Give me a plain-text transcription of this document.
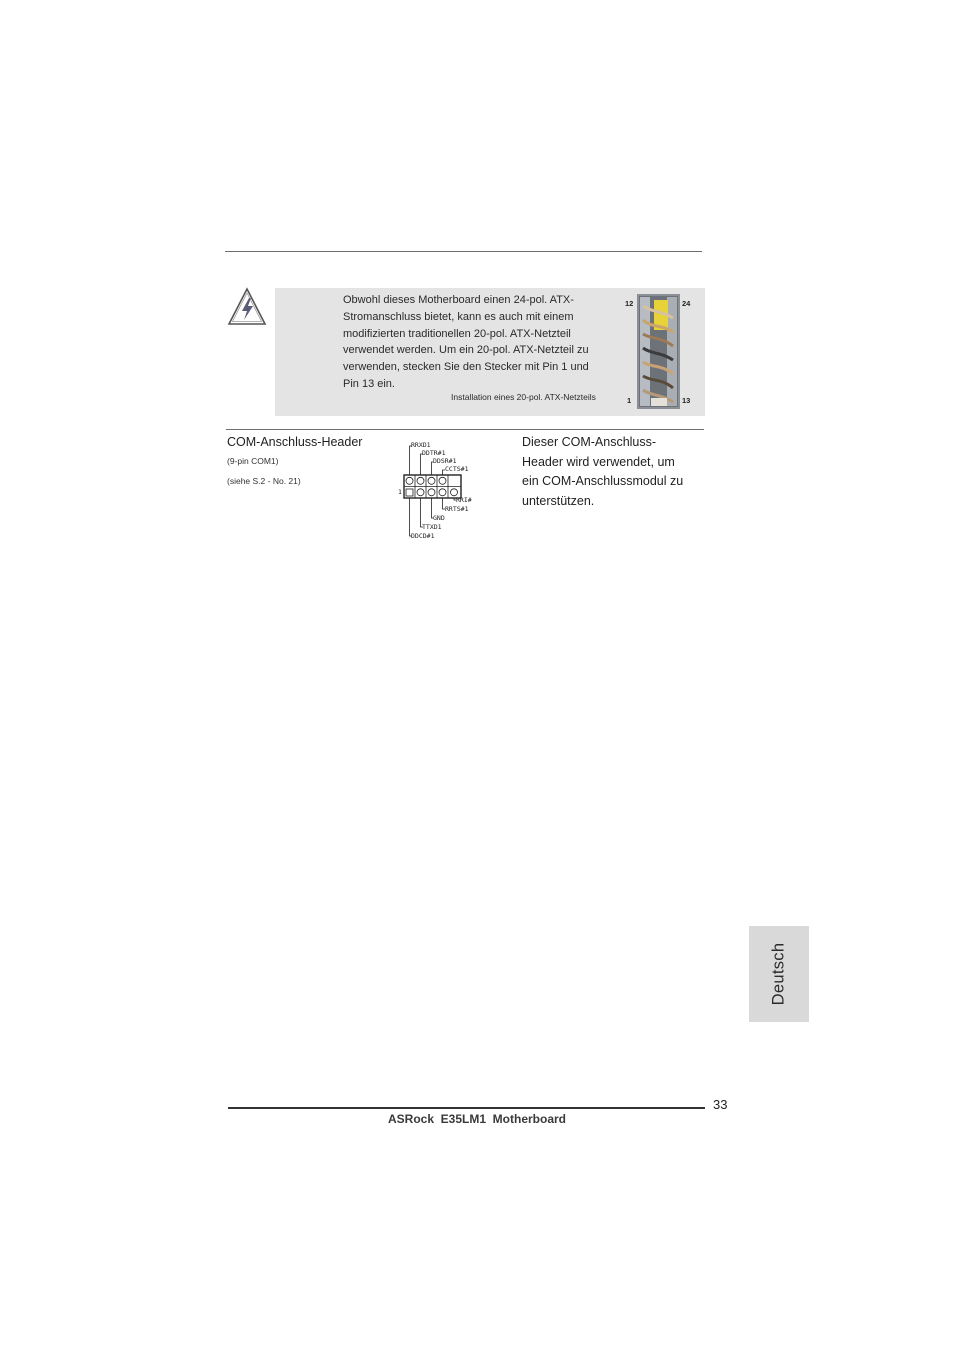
Obwohl dieses Motherboard einen 24-pol. ATX-
Stromanschluss bietet, kann es auch mit einem
modifizierten traditionellen 20-pol. ATX-Netzteil
verwendet werden. Um ein 20-pol. ATX-Netzteil zu
verwenden, stecken Sie den Stecker mit Pin 1 und
Pin 13 ein.
Installation eines 20-pol. ATX-Netzteils
12	24
1	13
COM-Anschluss-Header
(9-pin COM1)
(siehe S.2 - No. 21)
RRXD1
DDTR#1
DDSR#1
CCTS#1
1
RRI#
RRTS#1
GND
TTXD1
DDCD#1
Dieser COM-Anschluss-
Header wird verwendet, um
ein COM-Anschlussmodul zu
unterstützen.
Deutsch
33
ASRock  E35LM1  Motherboard
